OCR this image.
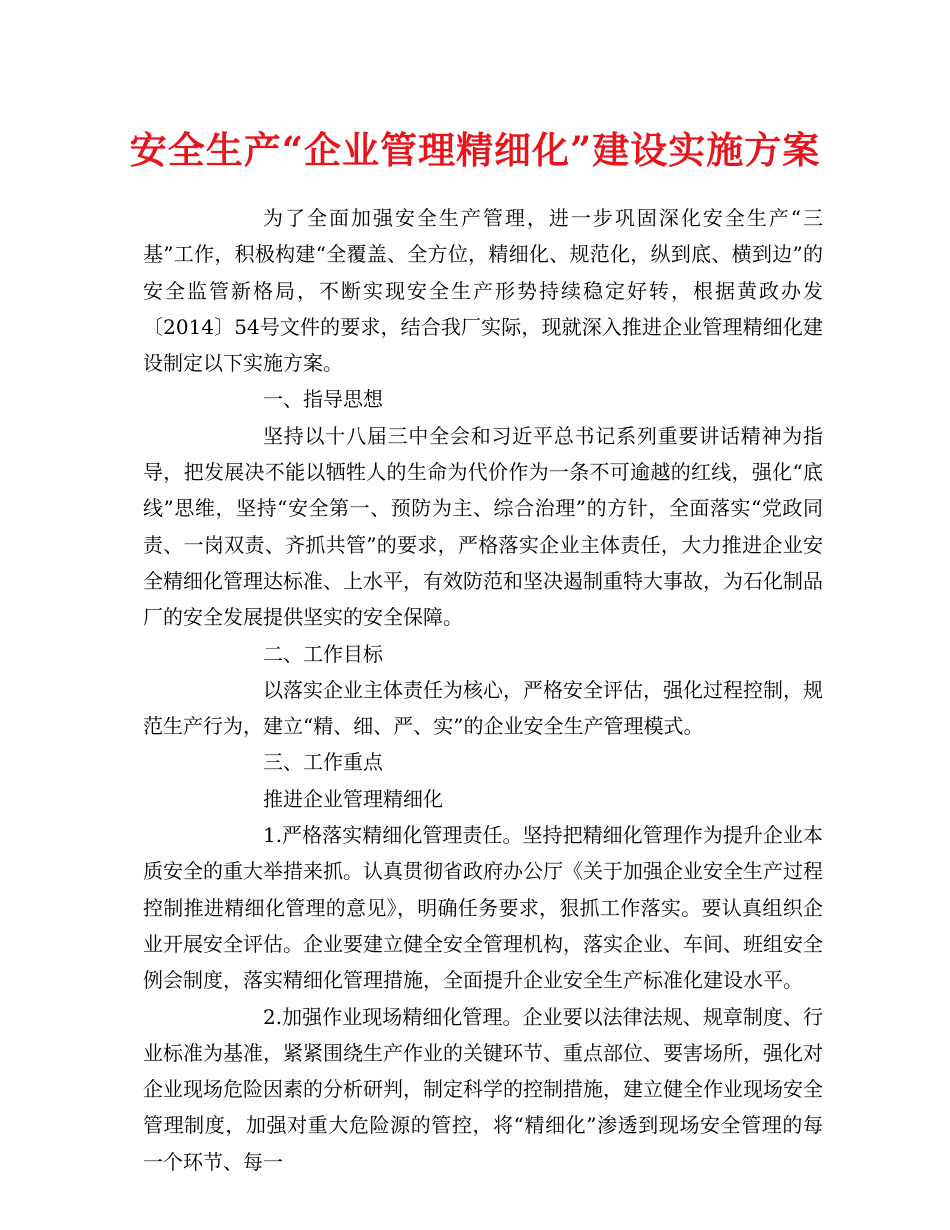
安全生产“企业管理精细化”建设实施方案

为了全面加强安全生产管理，进一步巩固深化安全生产“三基”工作，积极构建“全覆盖、全方位，精细化、规范化，纵到底、横到边”的安全监管新格局，不断实现安全生产形势持续稳定好转，根据黄政办发〔2014〕54号文件的要求，结合我厂实际，现就深入推进企业管理精细化建设制定以下实施方案。

一、指导思想

坚持以十八届三中全会和习近平总书记系列重要讲话精神为指导，把发展决不能以牺牲人的生命为代价作为一条不可逾越的红线，强化“底线”思维，坚持“安全第一、预防为主、综合治理”的方针，全面落实“党政同责、一岗双责、齐抓共管”的要求，严格落实企业主体责任，大力推进企业安全精细化管理达标准、上水平，有效防范和坚决遏制重特大事故，为石化制品厂的安全发展提供坚实的安全保障。

二、工作目标

以落实企业主体责任为核心，严格安全评估，强化过程控制，规范生产行为，建立“精、细、严、实”的企业安全生产管理模式。

三、工作重点

推进企业管理精细化

1.严格落实精细化管理责任。坚持把精细化管理作为提升企业本质安全的重大举措来抓。认真贯彻省政府办公厅《关于加强企业安全生产过程控制推进精细化管理的意见》，明确任务要求，狠抓工作落实。要认真组织企业开展安全评估。企业要建立健全安全管理机构，落实企业、车间、班组安全例会制度，落实精细化管理措施，全面提升企业安全生产标准化建设水平。

2.加强作业现场精细化管理。企业要以法律法规、规章制度、行业标准为基准，紧紧围绕生产作业的关键环节、重点部位、要害场所，强化对企业现场危险因素的分析研判，制定科学的控制措施，建立健全作业现场安全管理制度，加强对重大危险源的管控，将“精细化”渗透到现场安全管理的每一个环节、每一
